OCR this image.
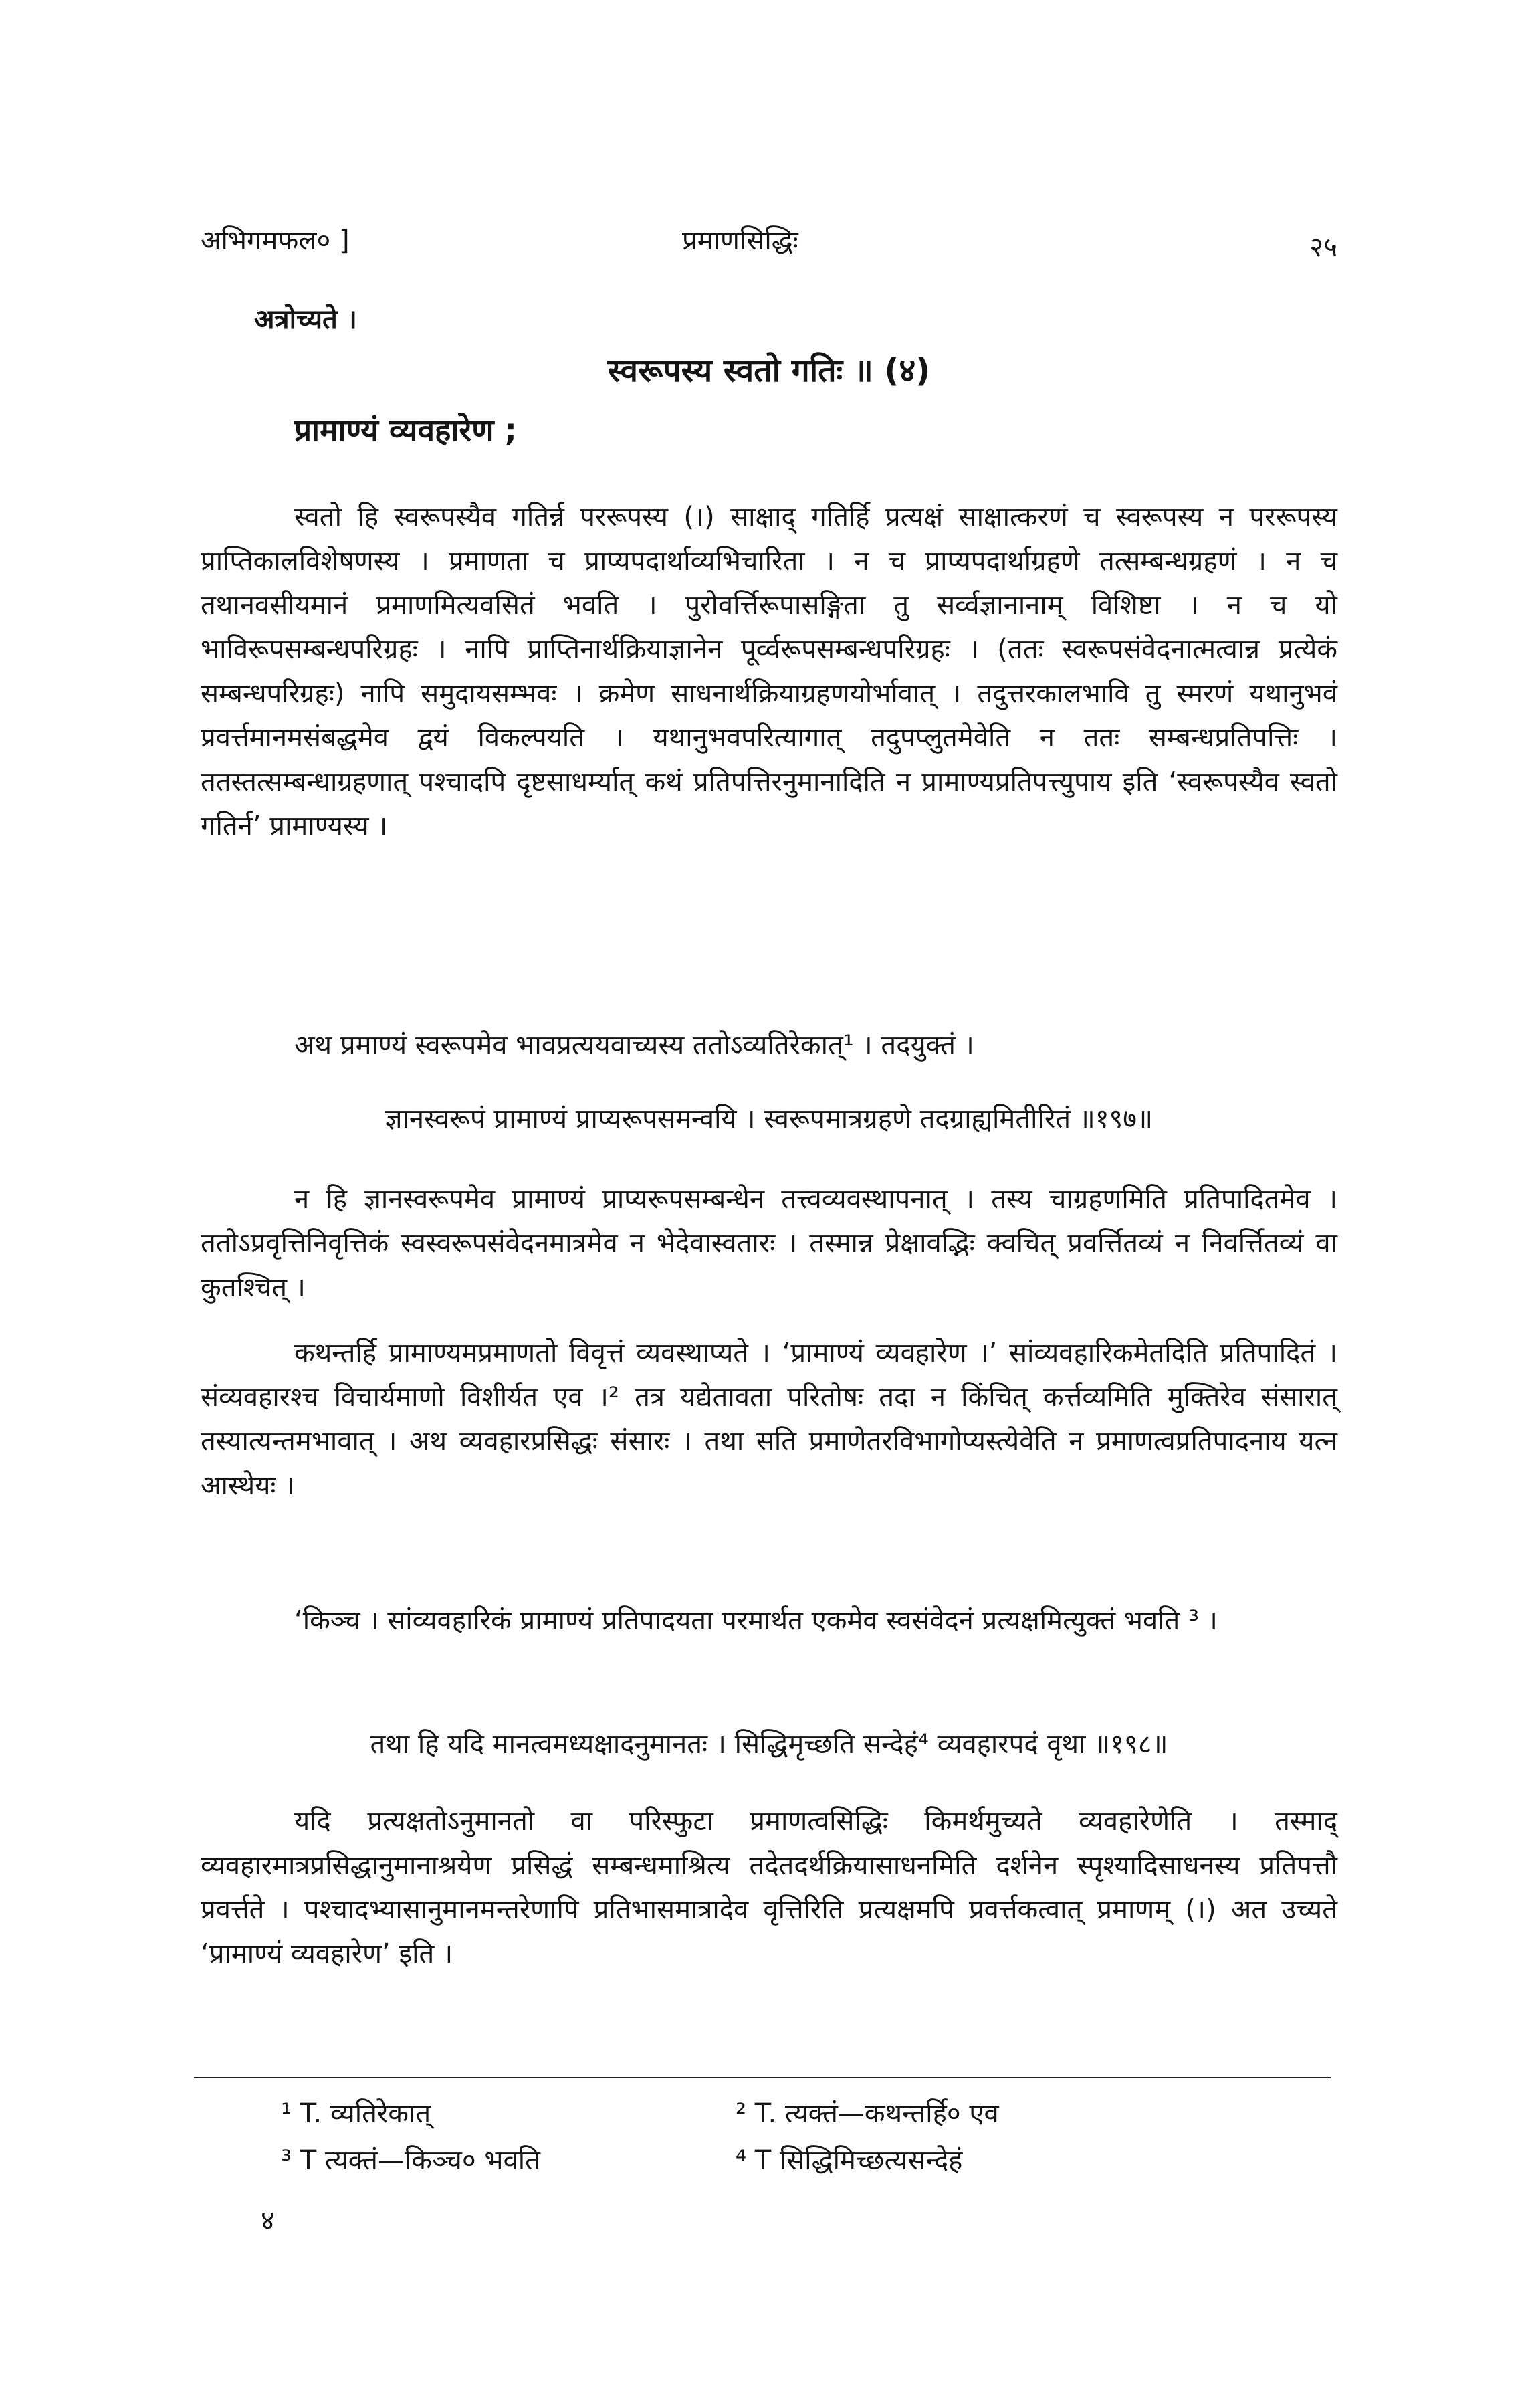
अभिगमफल० ]	प्रमाणसिद्धिः	२५
अत्रोच्यते ।
स्वरूपस्य स्वतो गतिः ॥ (४)
प्रामाण्यं व्यवहारेण ;
स्वतो हि स्वरूपस्यैव गतिर्न्न पररूपस्य (।) साक्षाद् गतिर्हि प्रत्यक्षं साक्षात्करणं च स्वरूपस्य न पररूपस्य प्राप्तिकालविशेषणस्य । प्रमाणता च प्राप्यपदार्थाव्यभिचारिता । न च प्राप्यपदार्थाग्रहणे तत्सम्बन्धग्रहणं । न च तथानवसीयमानं प्रमाणमित्यवसितं भवति । पुरोवर्त्तिरूपासङ्गिता तु सर्व्वज्ञानानाम् विशिष्टा । न च यो भाविरूपसम्बन्धपरिग्रहः । नापि प्राप्तिनार्थक्रियाज्ञानेन पूर्व्वरूपसम्बन्धपरिग्रहः । (ततः स्वरूपसंवेदनात्मत्वान्न प्रत्येकं सम्बन्धपरिग्रहः) नापि समुदायसम्भवः । क्रमेण साधनार्थक्रियाग्रहणयोर्भावात् । तदुत्तरकालभावि तु स्मरणं यथानुभवं प्रवर्त्तमानमसंबद्धमेव द्वयं विकल्पयति । यथानुभवपरित्यागात् तदुपप्लुतमेवेति न ततः सम्बन्धप्रतिपत्तिः । ततस्तत्सम्बन्धाग्रहणात् पश्चादपि दृष्टसाधर्म्यात् कथं प्रतिपत्तिरनुमानादिति न प्रामाण्यप्रतिपत्त्युपाय इति ‘स्वरूपस्यैव स्वतो गतिर्न’ प्रामाण्यस्य ।
अथ प्रमाण्यं स्वरूपमेव भावप्रत्ययवाच्यस्य ततोऽव्यतिरेकात्¹ । तदयुक्तं ।
ज्ञानस्वरूपं प्रामाण्यं प्राप्यरूपसमन्वयि । स्वरूपमात्रग्रहणे तदग्राह्यमितीरितं ॥१९७॥
न हि ज्ञानस्वरूपमेव प्रामाण्यं प्राप्यरूपसम्बन्धेन तत्त्वव्यवस्थापनात् । तस्य चाग्रहणमिति प्रतिपादितमेव । ततोऽप्रवृत्तिनिवृत्तिकं स्वस्वरूपसंवेदनमात्रमेव न भेदेवास्वतारः । तस्मान्न प्रेक्षावद्भिः क्वचित् प्रवर्त्तितव्यं न निवर्त्तितव्यं वा कुतश्चित् ।
कथन्तर्हि प्रामाण्यमप्रमाणतो विवृत्तं व्यवस्थाप्यते । ‘प्रामाण्यं व्यवहारेण ।’ सांव्यवहारिकमेतदिति प्रतिपादितं । संव्यवहारश्च विचार्यमाणो विशीर्यत एव ।² तत्र यद्येतावता परितोषः तदा न किंचित् कर्त्तव्यमिति मुक्तिरेव संसारात् तस्यात्यन्तमभावात् । अथ व्यवहारप्रसिद्धः संसारः । तथा सति प्रमाणेतरविभागोप्यस्त्येवेति न प्रमाणत्वप्रतिपादनाय यत्न आस्थेयः ।
‘किञ्च । सांव्यवहारिकं प्रामाण्यं प्रतिपादयता परमार्थत एकमेव स्वसंवेदनं प्रत्यक्षमित्युक्तं भवति ³ ।
तथा हि यदि मानत्वमध्यक्षादनुमानतः । सिद्धिमृच्छति सन्देहं⁴ व्यवहारपदं वृथा ॥१९८॥
यदि प्रत्यक्षतोऽनुमानतो वा परिस्फुटा प्रमाणत्वसिद्धिः किमर्थमुच्यते व्यवहारेणेति । तस्माद् व्यवहारमात्रप्रसिद्धानुमानाश्रयेण प्रसिद्धं सम्बन्धमाश्रित्य तदेतदर्थक्रियासाधनमिति दर्शनेन स्पृश्यादिसाधनस्य प्रतिपत्तौ प्रवर्त्तते । पश्चादभ्यासानुमानमन्तरेणापि प्रतिभासमात्रादेव वृत्तिरिति प्रत्यक्षमपि प्रवर्त्तकत्वात् प्रमाणम् (।) अत उच्यते ‘प्रामाण्यं व्यवहारेण’ इति ।
¹ T. व्यतिरेकात्	² T. त्यक्तं—कथन्तर्हि० एव
³ T त्यक्तं—किञ्च० भवति	⁴ T सिद्धिमिच्छत्यसन्देहं
४
